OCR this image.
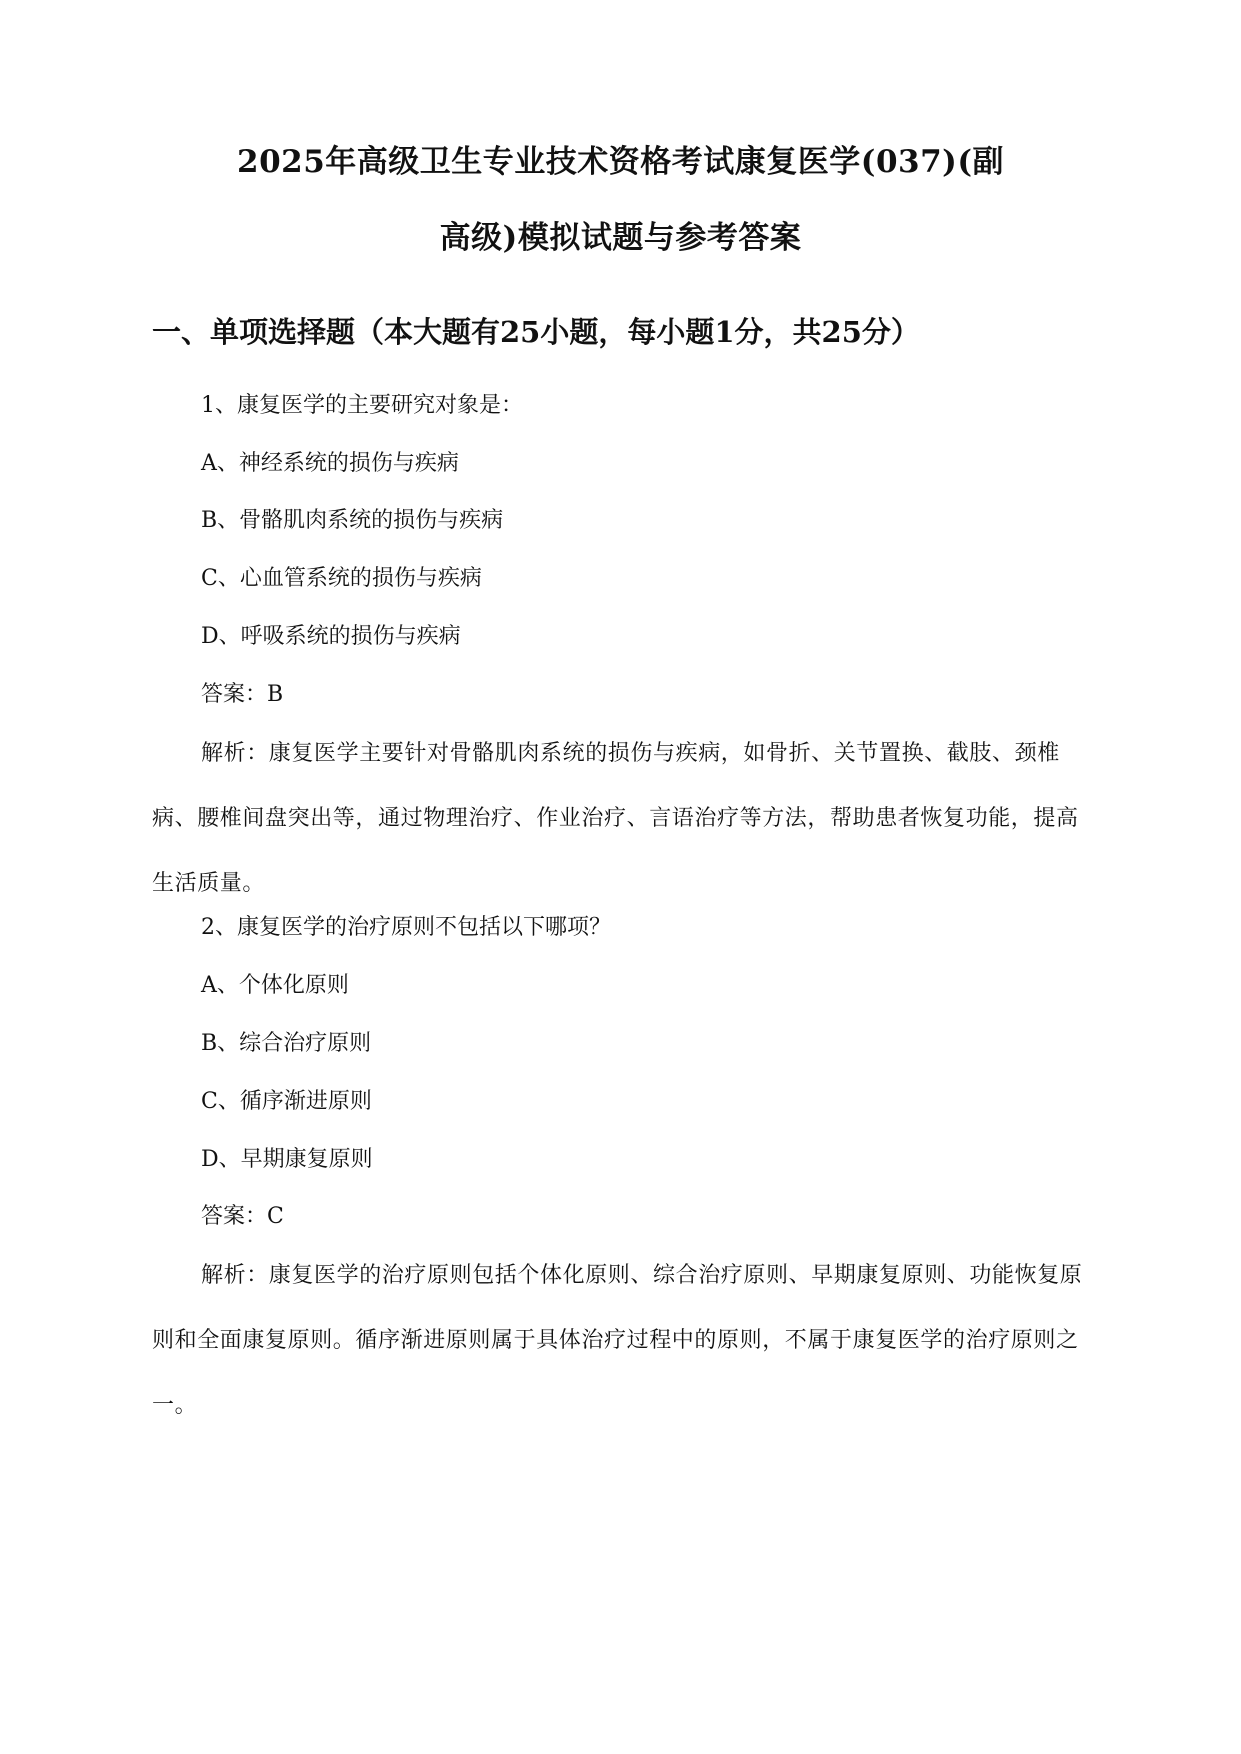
2025年高级卫生专业技术资格考试康复医学(037)(副
高级)模拟试题与参考答案
一、单项选择题（本大题有25小题，每小题1分，共25分）
1、康复医学的主要研究对象是：
A、神经系统的损伤与疾病
B、骨骼肌肉系统的损伤与疾病
C、心血管系统的损伤与疾病
D、呼吸系统的损伤与疾病
答案：B
解析：康复医学主要针对骨骼肌肉系统的损伤与疾病，如骨折、关节置换、截肢、颈椎病、腰椎间盘突出等，通过物理治疗、作业治疗、言语治疗等方法，帮助患者恢复功能，提高生活质量。
2、康复医学的治疗原则不包括以下哪项？
A、个体化原则
B、综合治疗原则
C、循序渐进原则
D、早期康复原则
答案：C
解析：康复医学的治疗原则包括个体化原则、综合治疗原则、早期康复原则、功能恢复原则和全面康复原则。循序渐进原则属于具体治疗过程中的原则，不属于康复医学的治疗原则之一。
